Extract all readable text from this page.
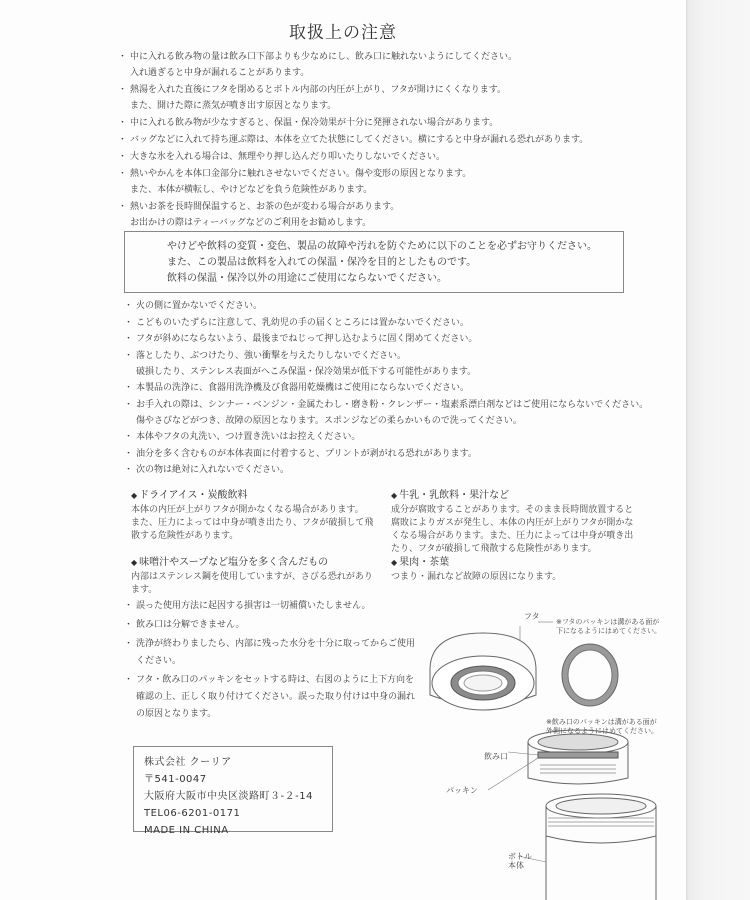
取扱上の注意
・ 中に入れる飲み物の量は飲み口下部よりも少なめにし、飲み口に触れないようにしてください。
入れ過ぎると中身が漏れることがあります。
・ 熱湯を入れた直後にフタを閉めるとボトル内部の内圧が上がり、フタが開けにくくなります。
また、開けた際に蒸気が噴き出す原因となります。
・ 中に入れる飲み物が少なすぎると、保温・保冷効果が十分に発揮されない場合があります。
・ バッグなどに入れて持ち運ぶ際は、本体を立てた状態にしてください。横にすると中身が漏れる恐れがあります。
・ 大きな氷を入れる場合は、無理やり押し込んだり叩いたりしないでください。
・ 熱いやかんを本体口金部分に触れさせないでください。傷や変形の原因となります。
また、本体が横転し、やけどなどを負う危険性があります。
・ 熱いお茶を長時間保温すると、お茶の色が変わる場合があります。
お出かけの際はティーバッグなどのご利用をお勧めします。

やけどや飲料の変質・変色、製品の故障や汚れを防ぐために以下のことを必ずお守りください。

また、この製品は飲料を入れての保温・保冷を目的としたものです。

飲料の保温・保冷以外の用途にご使用にならないでください。

・ 火の側に置かないでください。
・ こどものいたずらに注意して、乳幼児の手の届くところには置かないでください。
・ フタが斜めにならないよう、最後までねじって押し込むように固く閉めてください。
・ 落としたり、ぶつけたり、強い衝撃を与えたりしないでください。
破損したり、ステンレス表面がへこみ保温・保冷効果が低下する可能性があります。
・ 本製品の洗浄に、食器用洗浄機及び食器用乾燥機はご使用にならないでください。
・ お手入れの際は、シンナー・ベンジン・金属たわし・磨き粉・クレンザー・塩素系漂白剤などはご使用にならないでください。
傷やさびなどがつき、故障の原因となります。スポンジなどの柔らかいもので洗ってください。
・ 本体やフタの丸洗い、つけ置き洗いはお控えください。
・ 油分を多く含むものが本体表面に付着すると、プリントが剥がれる恐れがあります。
・ 次の物は絶対に入れないでください。
◆ ドライアイス・炭酸飲料
本体の内圧が上がりフタが開かなくなる場合があります。
また、圧力によっては中身が噴き出たり、フタが破損して飛
散する危険性があります。
◆ 牛乳・乳飲料・果汁など
成分が腐敗することがあります。そのまま長時間放置すると
腐敗によりガスが発生し、本体の内圧が上がりフタが開かな
くなる場合があります。また、圧力によっては中身が噴き出
たり、フタが破損して飛散する危険性があります。
◆ 味噌汁やスープなど塩分を多く含んだもの
内部はステンレス鋼を使用していますが、さびる恐れがあり
ます。
◆ 果肉・茶葉
つまり・漏れなど故障の原因になります。
・ 誤った使用方法に起因する損害は一切補償いたしません。
・ 飲み口は分解できません。
・ 洗浄が終わりましたら、内部に残った水分を十分に取ってからご使用
ください。
・ フタ・飲み口のパッキンをセットする時は、右図のように上下方向を
確認の上、正しく取り付けてください。誤った取り付けは中身の漏れ
の原因となります。
株式会社 クーリア
〒541-0047
大阪府大阪市中央区淡路町３-２-14
TEL06-6201-0171
MADE IN CHINA
フタ
※フタのパッキンは溝がある面が
下になるようにはめてください。
※飲み口のパッキンは溝がある面が
外側になるようにはめてください。
飲み口
パッキン
ボトル
本体
